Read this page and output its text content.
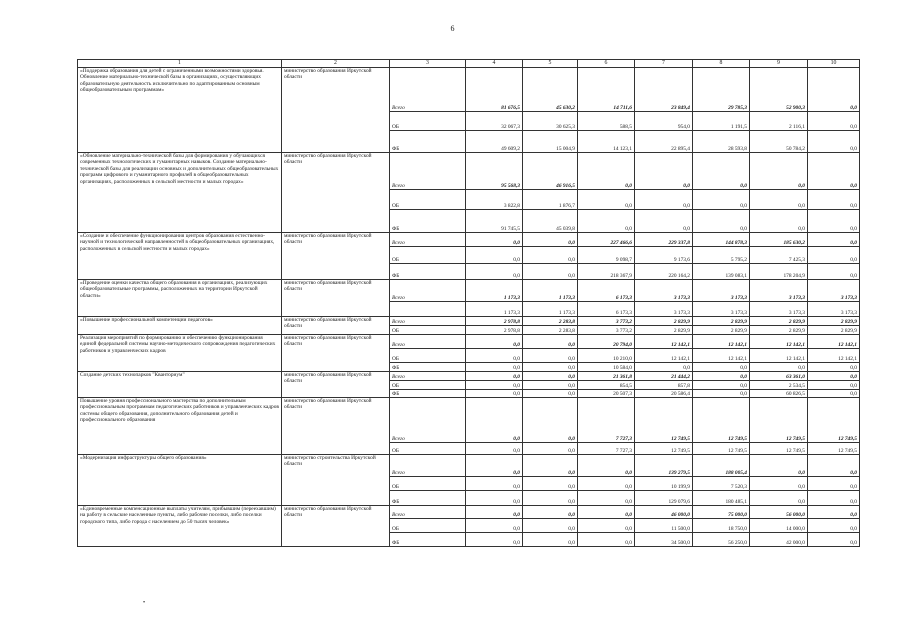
6
1	2	3	4	5	6	7	8	9	10
«Поддержка образования для детей с ограниченными возможностями здоровья. Обновление материально-технической базы в организациях, осуществляющих образовательную деятельность исключительно по адаптированным основным общеобразовательным программам»	министерство образования Иркутской области	Всего	81 676,5	45 630,2	14 711,6	23 849,4	29 785,3	52 900,3	0,0
		ОБ	32 067,3	30 625,3	588,5	954,0	1 191,5	2 116,1	0,0
		ФБ	49 609,2	15 004,9	14 123,1	22 895,4	28 593,8	50 784,2	0,0
«Обновление материально-технической базы для формирования у обучающихся современных технологических и гуманитарных навыков. Создание материально-технической базы для реализации основных и дополнительных общеобразовательных программ цифрового и гуманитарного профилей в общеобразовательных организациях, расположенных в сельской местности и малых городах»	министерство образования Иркутской области	Всего	95 568,3	46 916,5	0,0	0,0	0,0	0,0	0,0
		ОБ	3 822,8	1 876,7	0,0	0,0	0,0	0,0	0,0
		ФБ	91 745,5	45 039,8	0,0	0,0	0,0	0,0	0,0
«Создание и обеспечение функционирования центров образования естественно-научной и технологической направленностей в общеобразовательных организациях, расположенных в сельской местности и малых городах»	министерство образования Иркутской области	Всего	0,0	0,0	227 466,6	229 337,8	144 878,3	185 630,2	0,0
		ОБ	0,0	0,0	9 098,7	9 173,6	5 795,2	7 425,3	0,0
		ФБ	0,0	0,0	218 367,9	220 164,2	139 083,1	178 204,9	0,0
«Проведение оценки качества общего образования в организациях, реализующих общеобразовательные программы, расположенных на территории Иркутской области»	министерство образования Иркутской области	Всего	1 173,3	1 173,3	6 173,3	3 173,3	3 173,3	3 173,3	3 173,3
			1 173,3	1 173,3	6 173,3	3 173,3	3 173,3	3 173,3	3 173,3
«Повышение профессиональной компетенции педагогов»	министерство образования Иркутской области	Всего	2 978,8	2 283,8	3 773,2	2 829,9	2 829,9	2 829,9	2 829,9
		ОБ	2 978,8	2 283,8	3 773,2	2 829,9	2 829,9	2 829,9	2 829,9
Реализация мероприятий по формированию и обеспечению функционирования единой федеральной системы научно-методического сопровождения педагогических работников и управленческих кадров	министерство образования Иркутской области	Всего	0,0	0,0	20 794,0	12 142,1	12 142,1	12 142,1	12 142,1
		ОБ	0,0	0,0	10 210,0	12 142,1	12 142,1	12 142,1	12 142,1
		ФБ	0,0	0,0	10 584,0	0,0	0,0	0,0	0,0
Создание детских технопарков "Кванториум"	министерство образования Иркутской области	Всего	0,0	0,0	21 361,8	21 444,2	0,0	63 361,0	0,0
		ОБ	0,0	0,0	854,5	857,8	0,0	2 534,5	0,0
		ФБ	0,0	0,0	20 507,3	20 586,4	0,0	60 826,5	0,0
Повышение уровня профессионального мастерства по дополнительным профессиональным программам педагогических работников и управленческих кадров системы общего образования, дополнительного образования детей и профессионального образования	министерство образования Иркутской области	Всего	0,0	0,0	7 727,3	12 749,5	12 749,5	12 749,5	12 749,5
		ОБ	0,0	0,0	7 727,3	12 749,5	12 749,5	12 749,5	12 749,5
«Модернизация инфраструктуры общего образования»	министерство строительства Иркутской области	Всего	0,0	0,0	0,0	139 279,5	188 005,4	0,0	0,0
		ОБ	0,0	0,0	0,0	10 199,9	7 520,3	0,0	0,0
		ФБ	0,0	0,0	0,0	129 079,6	180 485,1	0,0	0,0
«Единовременные компенсационные выплаты учителям, прибывшим (переехавшим) на работу в сельские населенные пункты, либо рабочие поселки, либо поселки городского типа, либо города с населением до 50 тысяч человек»	министерство образования Иркутской области	Всего	0,0	0,0	0,0	46 000,0	75 000,0	56 000,0	0,0
		ОБ	0,0	0,0	0,0	11 500,0	18 750,0	14 000,0	0,0
		ФБ	0,0	0,0	0,0	34 500,0	56 250,0	42 000,0	0,0
•
